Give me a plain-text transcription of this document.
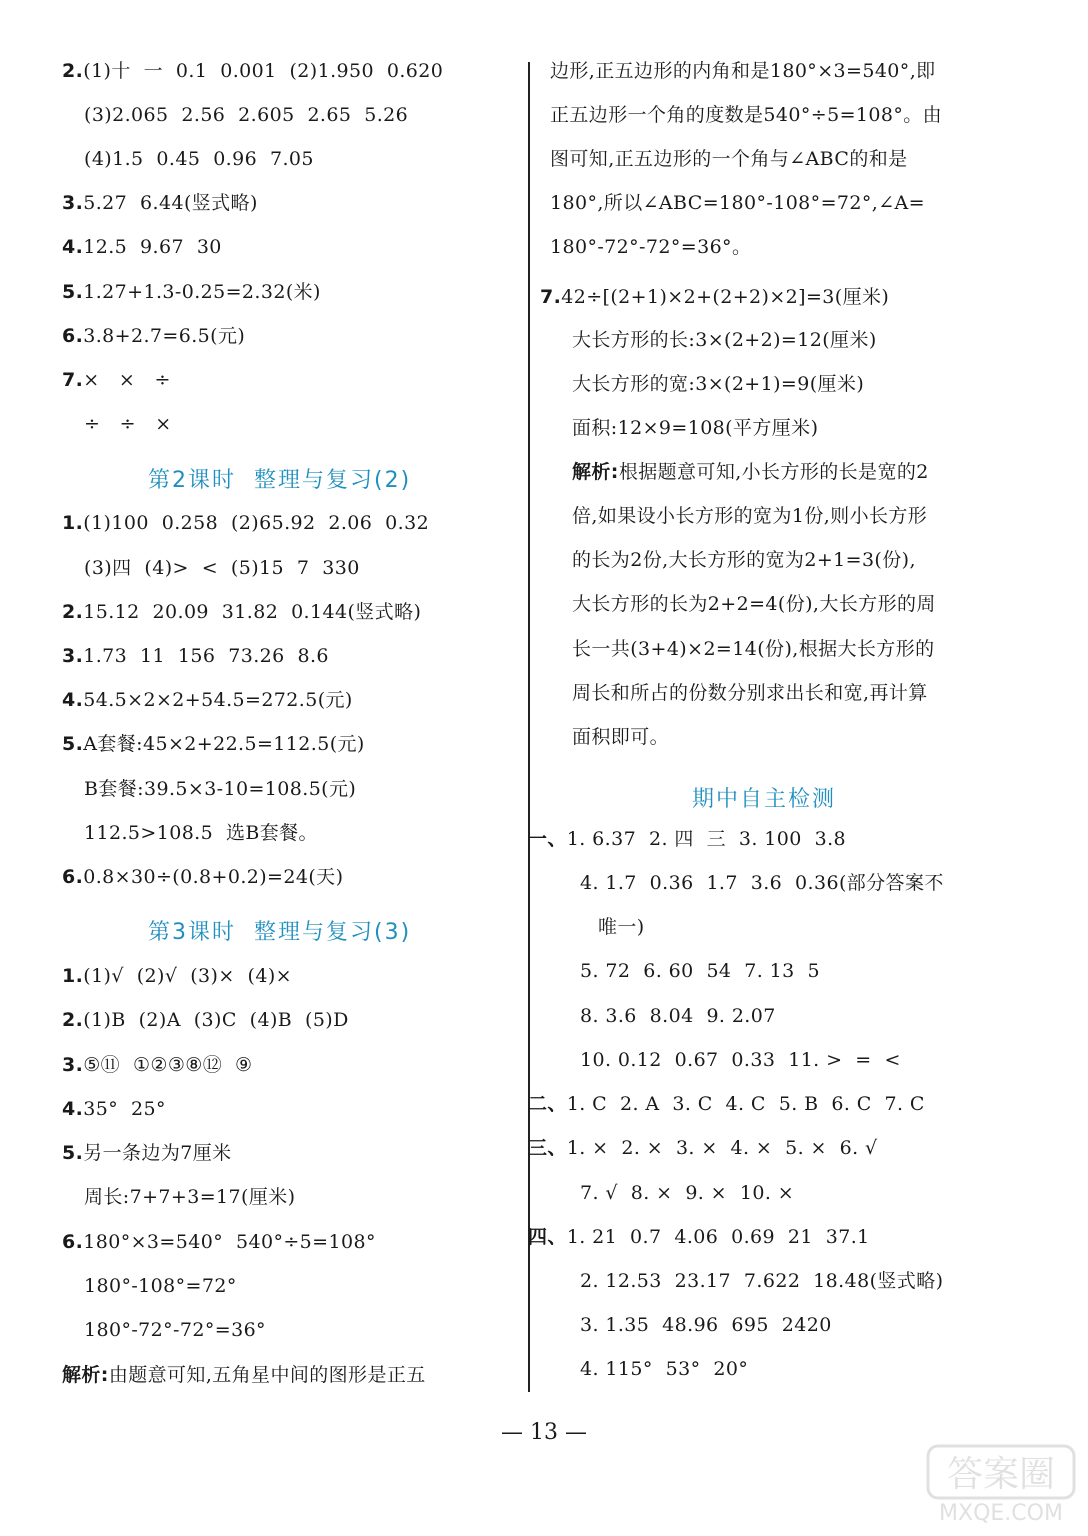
2.(1)十  一  0.1  0.001  (2)1.950  0.620
(3)2.065  2.56  2.605  2.65  5.26
(4)1.5  0.45  0.96  7.05
3.5.27  6.44(竖式略)
4.12.5  9.67  30
5.1.27+1.3-0.25=2.32(米)
6.3.8+2.7=6.5(元)
7.×   ×   ÷
÷   ÷   ×
1.(1)100  0.258  (2)65.92  2.06  0.32
(3)四  (4)>  <  (5)15  7  330
2.15.12  20.09  31.82  0.144(竖式略)
3.1.73  11  156  73.26  8.6
4.54.5×2×2+54.5=272.5(元)
5.A套餐:45×2+22.5=112.5(元)
B套餐:39.5×3-10=108.5(元)
112.5>108.5  选B套餐。
6.0.8×30÷(0.8+0.2)=24(天)
1.(1)√  (2)√  (3)×  (4)×
2.(1)B  (2)A  (3)C  (4)B  (5)D
3.⑤⑪  ①②③⑧⑫  ⑨
4.35°  25°
5.另一条边为7厘米
周长:7+7+3=17(厘米)
6.180°×3=540°  540°÷5=108°
180°-108°=72°
180°-72°-72°=36°
解析:由题意可知,五角星中间的图形是正五
边形,正五边形的内角和是180°×3=540°,即
正五边形一个角的度数是540°÷5=108°。由
图可知,正五边形的一个角与∠ABC的和是
180°,所以∠ABC=180°-108°=72°,∠A=
180°-72°-72°=36°。
7.42÷[(2+1)×2+(2+2)×2]=3(厘米)
大长方形的长:3×(2+2)=12(厘米)
大长方形的宽:3×(2+1)=9(厘米)
面积:12×9=108(平方厘米)
解析:根据题意可知,小长方形的长是宽的2
倍,如果设小长方形的宽为1份,则小长方形
的长为2份,大长方形的宽为2+1=3(份),
大长方形的长为2+2=4(份),大长方形的周
长一共(3+4)×2=14(份),根据大长方形的
周长和所占的份数分别求出长和宽,再计算
面积即可。
一、1. 6.37  2. 四  三  3. 100  3.8
4. 1.7  0.36  1.7  3.6  0.36(部分答案不
唯一)
5. 72  6. 60  54  7. 13  5
8. 3.6  8.04  9. 2.07
10. 0.12  0.67  0.33  11. >  =  <
二、1. C  2. A  3. C  4. C  5. B  6. C  7. C
三、1. ×  2. ×  3. ×  4. ×  5. ×  6. √
7. √  8. ×  9. ×  10. ×
四、1. 21  0.7  4.06  0.69  21  37.1
2. 12.53  23.17  7.622  18.48(竖式略)
3. 1.35  48.96  695  2420
4. 115°  53°  20°
第2课时  整理与复习(2)
第3课时  整理与复习(3)
期中自主检测
— 13 —
答案圈
MXQE.COM
